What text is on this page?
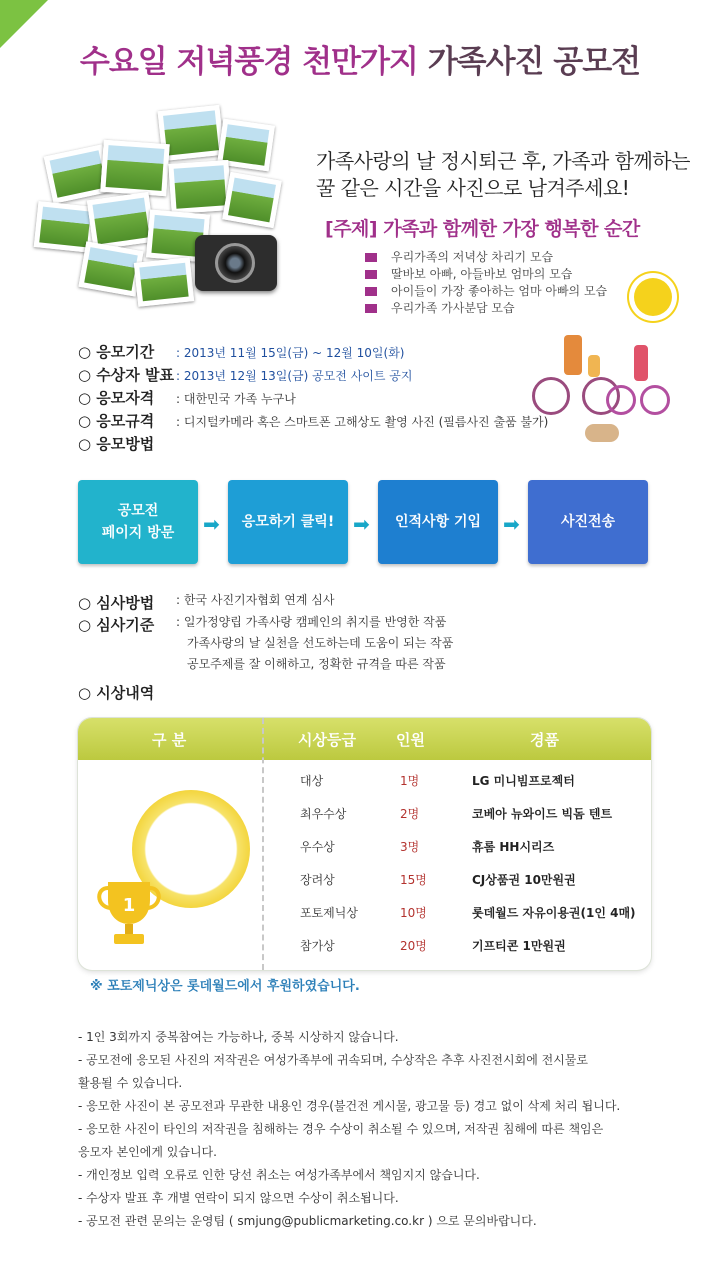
수요일 저녁풍경 천만가지 가족사진 공모전
가족사랑의 날 정시퇴근 후, 가족과 함께하는
꿀 같은 시간을 사진으로 남겨주세요!
[주제] 가족과 함께한 가장 행복한 순간
우리가족의 저녁상 차리기 모습
딸바보 아빠, 아들바보 엄마의 모습
아이들이 가장 좋아하는 엄마 아빠의 모습
우리가족 가사분담 모습
○ 응모기간 : 2013년 11월 15일(금) ~ 12월 10일(화)
○ 수상자 발표 : 2013년 12월 13일(금) 공모전 사이트 공지
○ 응모자격 : 대한민국 가족 누구나
○ 응모규격 : 디지털카메라 혹은 스마트폰 고해상도 촬영 사진 (필름사진 출품 불가)
○ 응모방법
공모전
페이지 방문 ➡ 응모하기 클릭! ➡ 인적사항 기입 ➡	사진전송
○ 심사방법 : 한국 사진기자협회 연계 심사
○ 심사기준 : 일가정양립 가족사랑 캠페인의 취지를 반영한 작품
가족사랑의 날 실천을 선도하는데 도움이 되는 작품
공모주제를 잘 이해하고, 정확한 규격을 따른 작품
○ 시상내역
구 분	시상등급	인원	경품
1
대상	1명	LG 미니빔프로젝터
최우수상	2명	코베아 뉴와이드 빅돔 텐트
우수상	3명	휴롬 HH시리즈
장려상	15명	CJ상품권 10만원권
포토제닉상	10명	롯데월드 자유이용권(1인 4매)
참가상	20명	기프티콘 1만원권
※ 포토제닉상은 롯데월드에서 후원하였습니다.
- 1인 3회까지 중복참여는 가능하나, 중복 시상하지 않습니다.
- 공모전에 응모된 사진의 저작권은 여성가족부에 귀속되며, 수상작은 추후 사진전시회에 전시물로
활용될 수 있습니다.
- 응모한 사진이 본 공모전과 무관한 내용인 경우(불건전 게시물, 광고물 등) 경고 없이 삭제 처리 됩니다.
- 응모한 사진이 타인의 저작권을 침해하는 경우 수상이 취소될 수 있으며, 저작권 침해에 따른 책임은
응모자 본인에게 있습니다.
- 개인정보 입력 오류로 인한 당선 취소는 여성가족부에서 책임지지 않습니다.
- 수상자 발표 후 개별 연락이 되지 않으면 수상이 취소됩니다.
- 공모전 관련 문의는 운영팀 ( smjung@publicmarketing.co.kr ) 으로 문의바랍니다.
